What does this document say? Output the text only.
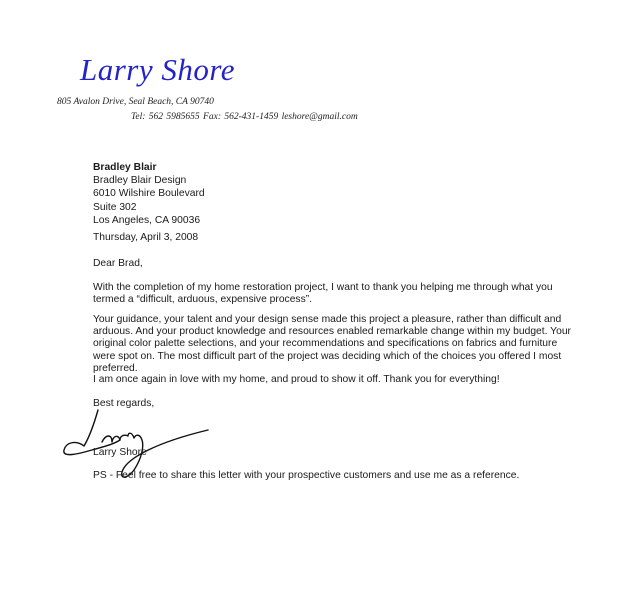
Larry Shore
805 Avalon Drive, Seal Beach, CA 90740
Tel: 562 5985655 Fax: 562-431-1459 leshore@gmail.com
Bradley Blair
Bradley Blair Design
6010 Wilshire Boulevard
Suite 302
Los Angeles, CA 90036
Thursday, April 3, 2008
Dear Brad,

With the completion of my home restoration project, I want to thank you helping me through what you termed a “difficult, arduous, expensive process”.

Your guidance, your talent and your design sense made this project a pleasure, rather than difficult and arduous. And your product knowledge and resources enabled remarkable change within my budget. Your original color palette selections, and your recommendations and specifications on fabrics and furniture were spot on. The most difficult part of the project was deciding which of the choices you offered I most preferred.

I am once again in love with my home, and proud to show it off. Thank you for everything!

Best regards,
Larry Shore
PS - Feel free to share this letter with your prospective customers and use me as a reference.
